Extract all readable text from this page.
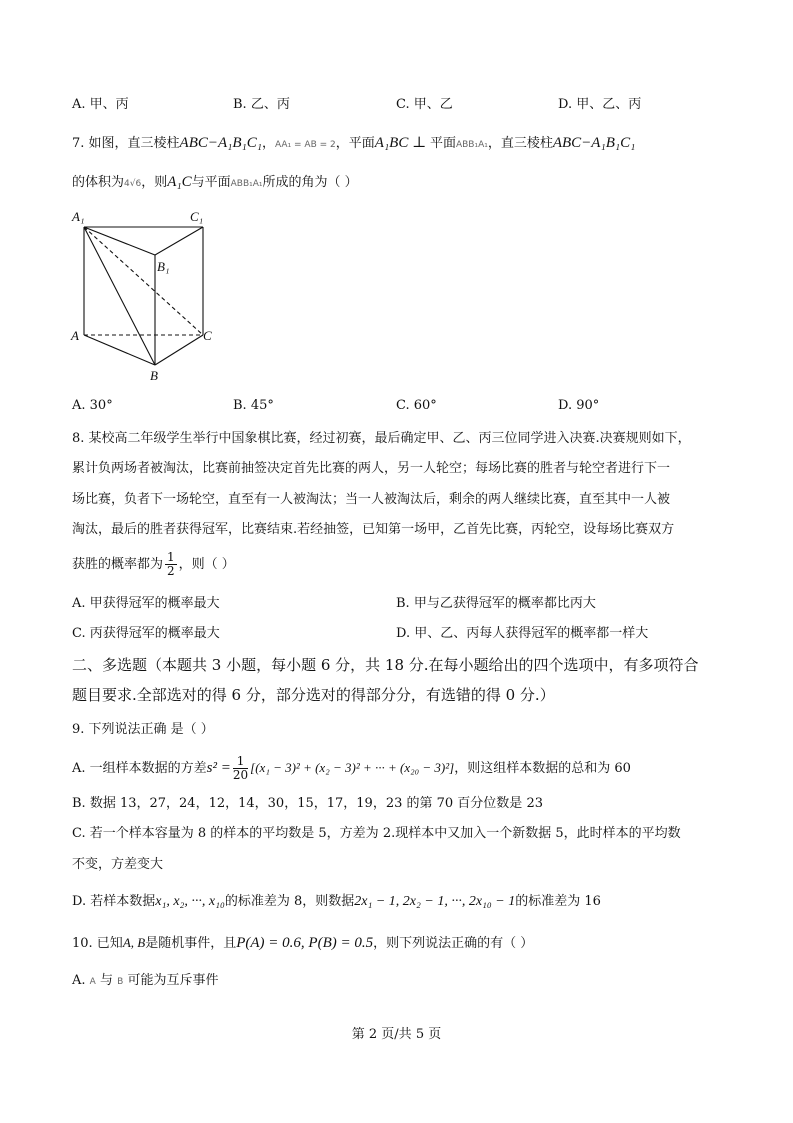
A. 甲、丙	B. 乙、丙	C. 甲、乙	D. 甲、乙、丙
7. 如图，直三棱柱ABC−A₁B₁C₁，AA₁ = AB = 2，平面A₁BC ⊥ 平面ABB₁A₁，直三棱柱ABC−A₁B₁C₁
的体积为4√6，则A₁C与平面ABB₁A₁所成的角为（ ）
A₁	C₁
B₁
A	C
B
A. 30°	B. 45°	C. 60°	D. 90°
8. 某校高二年级学生举行中国象棋比赛，经过初赛，最后确定甲、乙、丙三位同学进入决赛.决赛规则如下，
累计负两场者被淘汰，比赛前抽签决定首先比赛的两人，另一人轮空；每场比赛的胜者与轮空者进行下一
场比赛，负者下一场轮空，直至有一人被淘汰；当一人被淘汰后，剩余的两人继续比赛，直至其中一人被
淘汰，最后的胜者获得冠军，比赛结束.若经抽签，已知第一场甲，乙首先比赛，丙轮空，设每场比赛双方
获胜的概率都为 $\frac{1}{2}$ ，则（ ）
A. 甲获得冠军的概率最大	B. 甲与乙获得冠军的概率都比丙大
C. 丙获得冠军的概率最大	D. 甲、乙、丙每人获得冠军的概率都一样大
二、多选题（本题共 3 小题，每小题 6 分，共 18 分.在每小题给出的四个选项中，有多项符合
题目要求.全部选对的得 6 分，部分选对的得部分分，有选错的得 0 分.）
9. 下列说法正确 是（ ）
A. 一组样本数据的方差$s^2 = \frac{1}{20} [(x_1 - 3)^2 + (x_2 - 3)^2$ + ··· + (x₂₀ − 3)²]，则这组样本数据的总和为 60
B. 数据 13，27，24，12，14，30，15，17，19，23 的第 70 百分位数是 23
C. 若一个样本容量为 8 的样本的平均数是 5，方差为 2.现样本中又加入一个新数据 5，此时样本的平均数
不变，方差变大
D. 若样本数据x₁, x₂, ···, x₁₀的标准差为 8，则数据2x₁ − 1, 2x₂ − 1, ···, 2x₁₀ − 1的标准差为 16
10. 已知A, B是随机事件，且P(A) = 0.6, P(B) = 0.5，则下列说法正确的有（ ）
A. A 与 B 可能为互斥事件
第 2 页/共 5 页
